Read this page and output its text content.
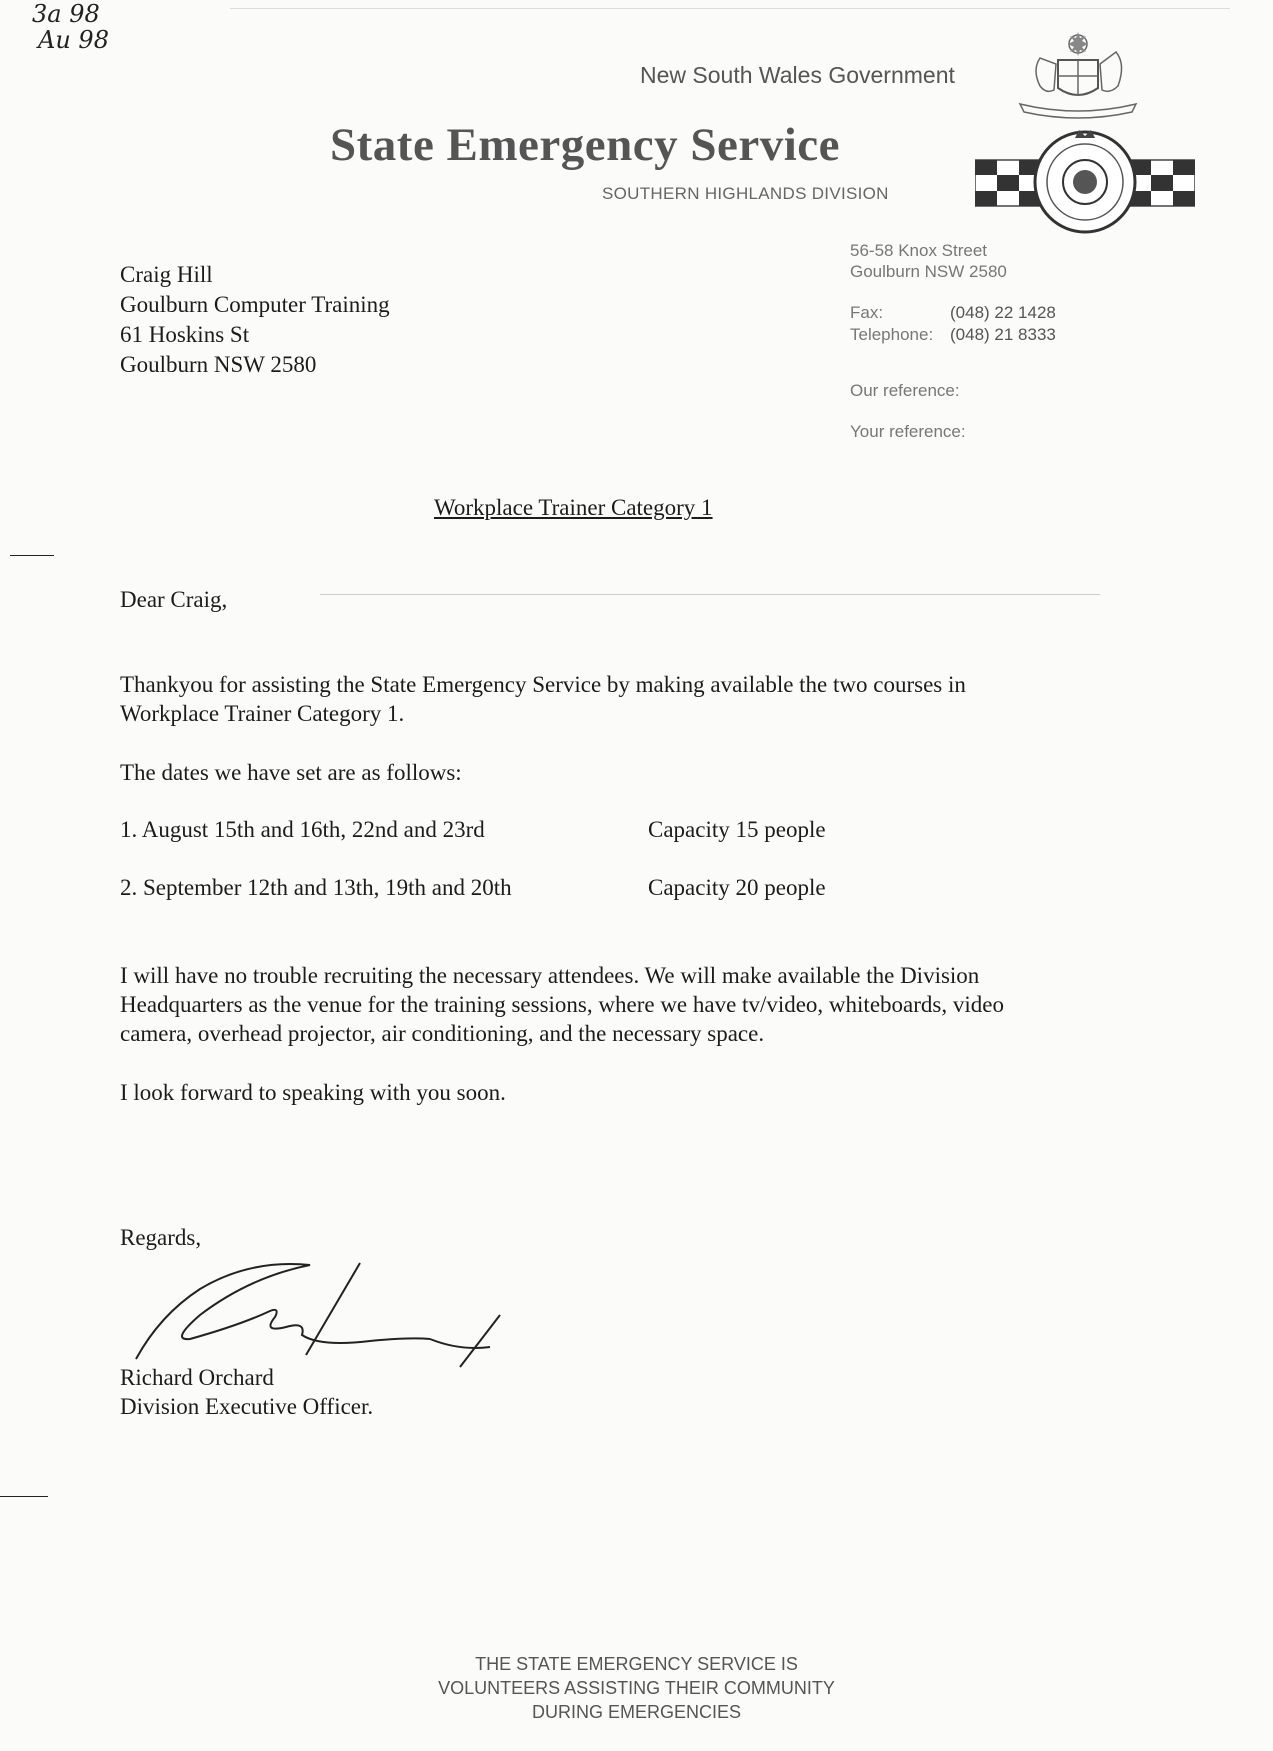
3a 98
Au 98
New South Wales Government
State Emergency Service
SOUTHERN HIGHLANDS DIVISION
56-58 Knox Street
Goulburn NSW 2580
Fax:	(048) 22 1428
Telephone: (048) 21 8333
Our reference:
Your reference:
Craig Hill
Goulburn Computer Training
61 Hoskins St
Goulburn NSW 2580
Workplace Trainer Category 1
Dear Craig,
Thankyou for assisting the State Emergency Service by making available the two courses in Workplace Trainer Category 1.
The dates we have set are as follows:
1. August 15th and 16th, 22nd and 23rd	Capacity 15 people
2. September 12th and 13th, 19th and 20th	Capacity 20 people
I will have no trouble recruiting the necessary attendees. We will make available the Division Headquarters as the venue for the training sessions, where we have tv/video, whiteboards, video camera, overhead projector, air conditioning, and the necessary space.
I look forward to speaking with you soon.
Regards,
Richard Orchard
Division Executive Officer.
THE STATE EMERGENCY SERVICE IS
VOLUNTEERS ASSISTING THEIR COMMUNITY
DURING EMERGENCIES
